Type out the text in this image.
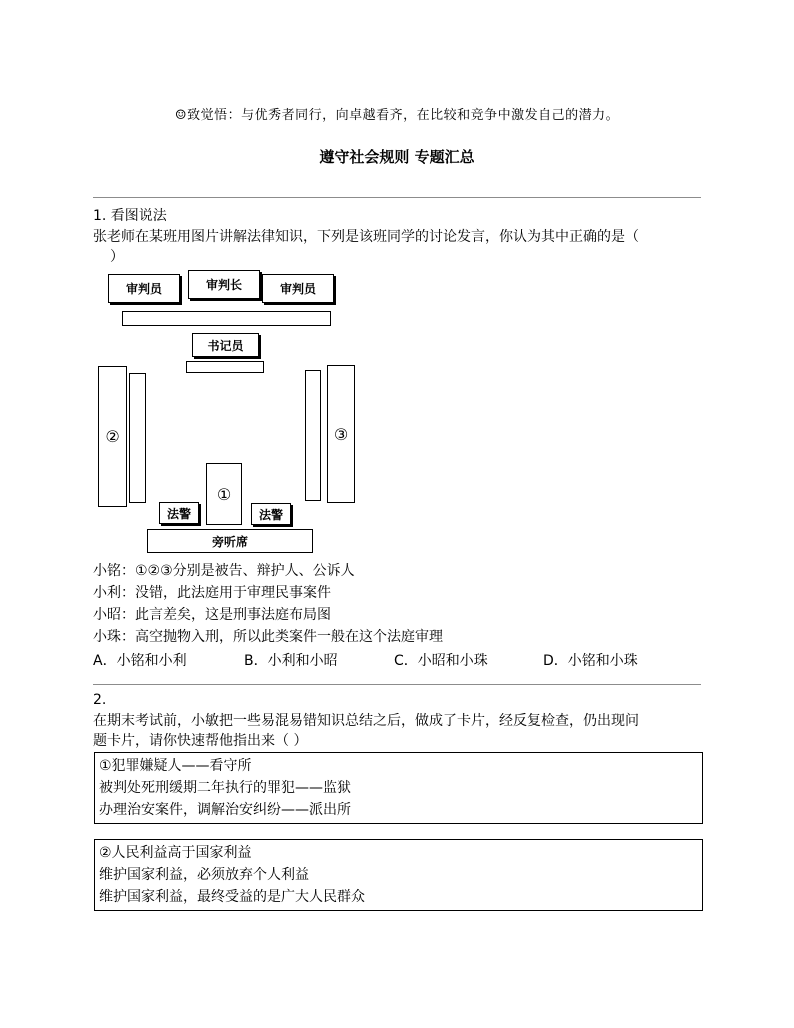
☺致觉悟：与优秀者同行，向卓越看齐，在比较和竞争中激发自己的潜力。
遵守社会规则 专题汇总
1. 看图说法
张老师在某班用图片讲解法律知识，下列是该班同学的讨论发言，你认为其中正确的是（
）
审判员	审判长	审判员
书记员
②	③
①
法警	法警
旁听席
小铭：①②③分别是被告、辩护人、公诉人
小利：没错，此法庭用于审理民事案件
小昭：此言差矣，这是刑事法庭布局图
小珠：高空抛物入刑，所以此类案件一般在这个法庭审理
A．小铭和小利	B．小利和小昭	C．小昭和小珠	D．小铭和小珠
2.
在期末考试前，小敏把一些易混易错知识总结之后，做成了卡片，经反复检查，仍出现问
题卡片，请你快速帮他指出来（ ）
①犯罪嫌疑人——看守所
被判处死刑缓期二年执行的罪犯——监狱
办理治安案件，调解治安纠纷——派出所
②人民利益高于国家利益
维护国家利益，必须放弃个人利益
维护国家利益，最终受益的是广大人民群众
